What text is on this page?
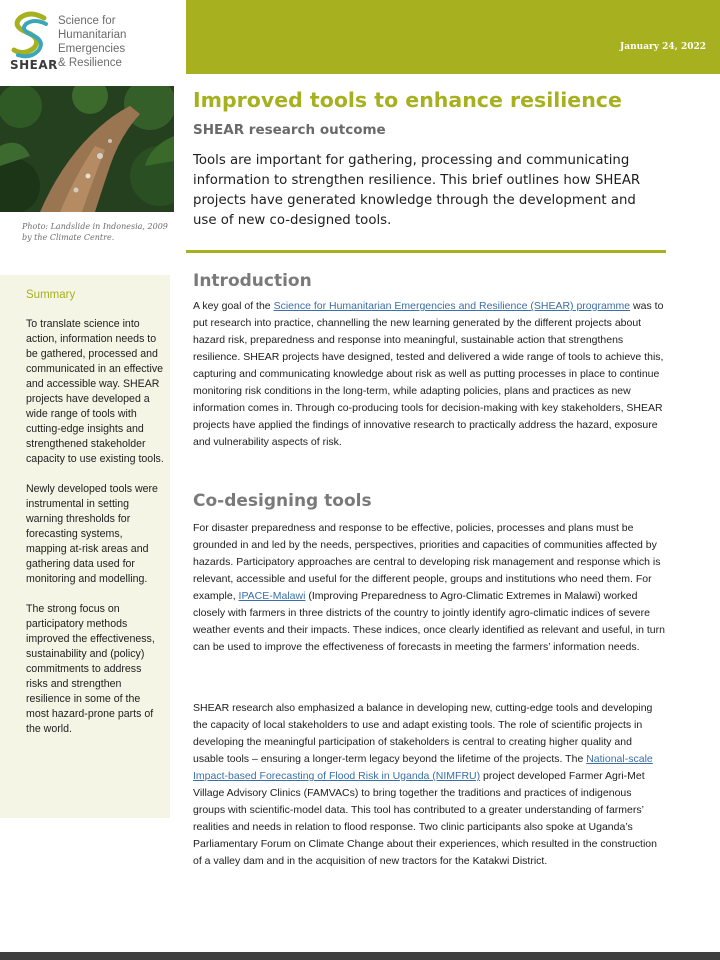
SHEAR
Science for
Humanitarian
Emergencies
& Resilience
January 24, 2022
Photo: Landslide in Indonesia, 2009 by the Climate Centre.
Improved tools to enhance resilience
SHEAR research outcome

Tools are important for gathering, processing and communicating information to strengthen resilience. This brief outlines how SHEAR projects have generated knowledge through the development and use of new co-designed tools.

Summary

To translate science into action, information needs to be gathered, processed and communicated in an effective and accessible way. SHEAR projects have developed a wide range of tools with cutting-edge insights and strengthened stakeholder capacity to use existing tools.

Newly developed tools were instrumental in setting warning thresholds for forecasting systems, mapping at-risk areas and gathering data used for monitoring and modelling.

The strong focus on participatory methods improved the effectiveness, sustainability and (policy) commitments to address risks and strengthen resilience in some of the most hazard-prone parts of the world.

Introduction

A key goal of the Science for Humanitarian Emergencies and Resilience (SHEAR) programme was to put research into practice, channelling the new learning generated by the different projects about hazard risk, preparedness and response into meaningful, sustainable action that strengthens resilience. SHEAR projects have designed, tested and delivered a wide range of tools to achieve this, capturing and communicating knowledge about risk as well as putting processes in place to continue monitoring risk conditions in the long-term, while adapting policies, plans and practices as new information comes in. Through co-producing tools for decision-making with key stakeholders, SHEAR projects have applied the findings of innovative research to practically address the hazard, exposure and vulnerability aspects of risk.

Co-designing tools

For disaster preparedness and response to be effective, policies, processes and plans must be grounded in and led by the needs, perspectives, priorities and capacities of communities affected by hazards. Participatory approaches are central to developing risk management and response which is relevant, accessible and useful for the different people, groups and institutions who need them. For example, IPACE-Malawi (Improving Preparedness to Agro-Climatic Extremes in Malawi) worked closely with farmers in three districts of the country to jointly identify agro-climatic indices of severe weather events and their impacts. These indices, once clearly identified as relevant and useful, in turn can be used to improve the effectiveness of forecasts in meeting the farmers’ information needs.

SHEAR research also emphasized a balance in developing new, cutting-edge tools and developing the capacity of local stakeholders to use and adapt existing tools. The role of scientific projects in developing the meaningful participation of stakeholders is central to creating higher quality and usable tools – ensuring a longer-term legacy beyond the lifetime of the projects. The National-scale Impact-based Forecasting of Flood Risk in Uganda (NIMFRU) project developed Farmer Agri-Met Village Advisory Clinics (FAMVACs) to bring together the traditions and practices of indigenous groups with scientific-model data. This tool has contributed to a greater understanding of farmers’ realities and needs in relation to flood response. Two clinic participants also spoke at Uganda’s Parliamentary Forum on Climate Change about their experiences, which resulted in the construction of a valley dam and in the acquisition of new tractors for the Katakwi District.
